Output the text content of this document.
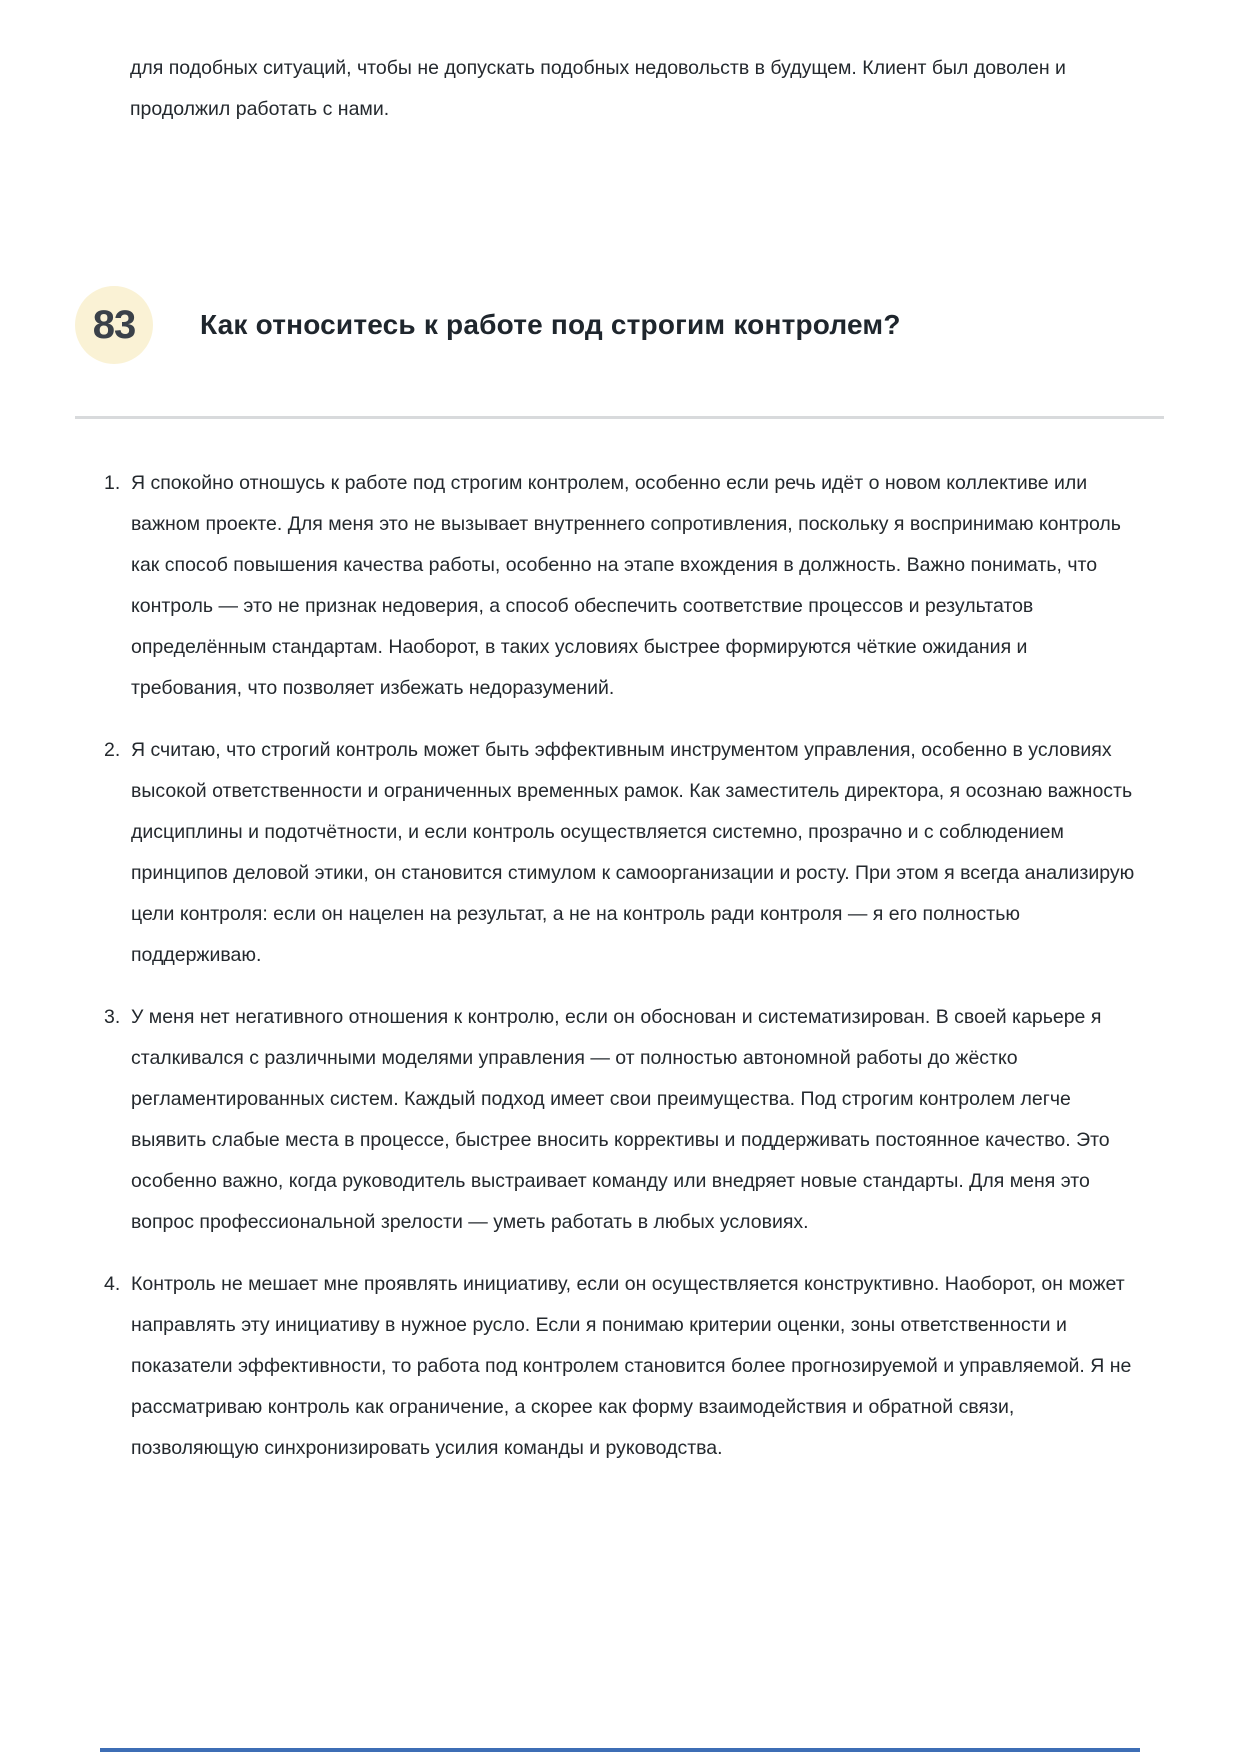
для подобных ситуаций, чтобы не допускать подобных недовольств в будущем. Клиент был доволен и продолжил работать с нами.

83 Как относитесь к работе под строгим контролем?
1. Я спокойно отношусь к работе под строгим контролем, особенно если речь идёт о новом коллективе или важном проекте. Для меня это не вызывает внутреннего сопротивления, поскольку я воспринимаю контроль как способ повышения качества работы, особенно на этапе вхождения в должность. Важно понимать, что контроль — это не признак недоверия, а способ обеспечить соответствие процессов и результатов определённым стандартам. Наоборот, в таких условиях быстрее формируются чёткие ожидания и требования, что позволяет избежать недоразумений.
2. Я считаю, что строгий контроль может быть эффективным инструментом управления, особенно в условиях высокой ответственности и ограниченных временных рамок. Как заместитель директора, я осознаю важность дисциплины и подотчётности, и если контроль осуществляется системно, прозрачно и с соблюдением принципов деловой этики, он становится стимулом к самоорганизации и росту. При этом я всегда анализирую цели контроля: если он нацелен на результат, а не на контроль ради контроля — я его полностью поддерживаю.
3. У меня нет негативного отношения к контролю, если он обоснован и систематизирован. В своей карьере я сталкивался с различными моделями управления — от полностью автономной работы до жёстко регламентированных систем. Каждый подход имеет свои преимущества. Под строгим контролем легче выявить слабые места в процессе, быстрее вносить коррективы и поддерживать постоянное качество. Это особенно важно, когда руководитель выстраивает команду или внедряет новые стандарты. Для меня это вопрос профессиональной зрелости — уметь работать в любых условиях.
4. Контроль не мешает мне проявлять инициативу, если он осуществляется конструктивно. Наоборот, он может направлять эту инициативу в нужное русло. Если я понимаю критерии оценки, зоны ответственности и показатели эффективности, то работа под контролем становится более прогнозируемой и управляемой. Я не рассматриваю контроль как ограничение, а скорее как форму взаимодействия и обратной связи, позволяющую синхронизировать усилия команды и руководства.
